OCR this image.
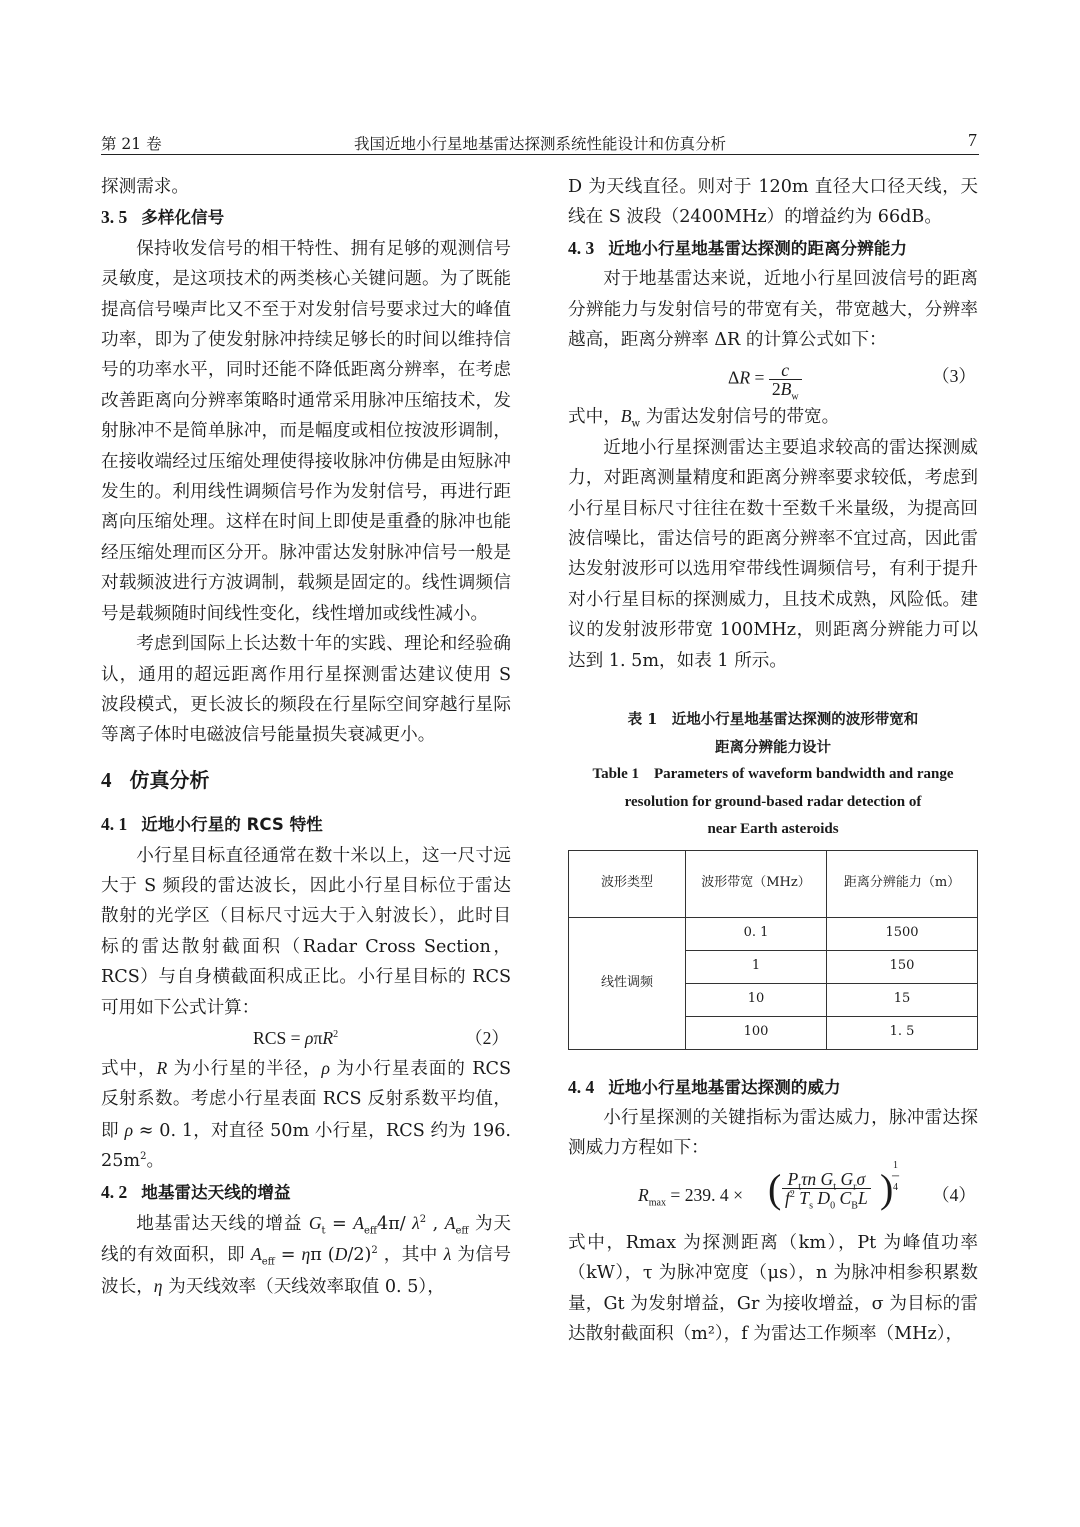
第 21 卷	我国近地小行星地基雷达探测系统性能设计和仿真分析	7

探测需求。

3. 5 多样化信号

保持收发信号的相干特性、拥有足够的观测信号灵敏度，是这项技术的两类核心关键问题。为了既能提高信号噪声比又不至于对发射信号要求过大的峰值功率，即为了使发射脉冲持续足够长的时间以维持信号的功率水平，同时还能不降低距离分辨率，在考虑改善距离向分辨率策略时通常采用脉冲压缩技术，发射脉冲不是简单脉冲，而是幅度或相位按波形调制，在接收端经过压缩处理使得接收脉冲仿佛是由短脉冲发生的。利用线性调频信号作为发射信号，再进行距离向压缩处理。这样在时间上即使是重叠的脉冲也能经压缩处理而区分开。脉冲雷达发射脉冲信号一般是对载频波进行方波调制，载频是固定的。线性调频信号是载频随时间线性变化，线性增加或线性减小。

考虑到国际上长达数十年的实践、理论和经验确认，通用的超远距离作用行星探测雷达建议使用 S 波段模式，更长波长的频段在行星际空间穿越行星际等离子体时电磁波信号能量损失衰减更小。

4 仿真分析

4. 1 近地小行星的 RCS 特性

小行星目标直径通常在数十米以上，这一尺寸远大于 S 频段的雷达波长，因此小行星目标位于雷达散射的光学区（目标尺寸远大于入射波长），此时目标的雷达散射截面积（Radar Cross Section，RCS）与自身横截面积成正比。小行星目标的 RCS 可用如下公式计算：

RCS = ρπR$^2$	（2）

式中，R 为小行星的半径，ρ 为小行星表面的 RCS 反射系数。考虑小行星表面 RCS 反射系数平均值，即 ρ ≈ 0. 1，对直径 50m 小行星，RCS 约为 196. $25m^2$。

4. 2 地基雷达天线的增益

地基雷达天线的增益 $G_t = A_{eff}4\pi/$ $\lambda^2$ , $A_{eff}$ 为天线的有效面积，即 $A_{eff} = \eta\pi$ $(D/2)^2$ ，其中 λ 为信号波长，η 为天线效率（天线效率取值 0. 5），

D 为天线直径。则对于 120m 直径大口径天线，天线在 S 波段（2400MHz）的增益约为 66dB。

4. 3 近地小行星地基雷达探测的距离分辨能力

对于地基雷达来说，近地小行星回波信号的距离分辨能力与发射信号的带宽有关，带宽越大，分辨率越高，距离分辨率 ΔR 的计算公式如下：

$\Delta R = \frac{c}{2B_w}$	（3）

式中，$B_w$ 为雷达发射信号的带宽。

近地小行星探测雷达主要追求较高的雷达探测威力，对距离测量精度和距离分辨率要求较低，考虑到小行星目标尺寸往往在数十至数千米量级，为提高回波信噪比，雷达信号的距离分辨率不宜过高，因此雷达发射波形可以选用窄带线性调频信号，有利于提升对小行星目标的探测威力，且技术成熟，风险低。建议的发射波形带宽 100MHz，则距离分辨能力可以达到 1. 5m，如表 1 所示。

表 1　近地小行星地基雷达探测的波形带宽和

距离分辨能力设计

Table 1　Parameters of waveform bandwidth and range

resolution for ground-based radar detection of

near Earth asteroids

波形类型	波形带宽（MHz）	距离分辨能力（m）
线性调频	0. 1	1500
	1	150
	10	15
	100	1. 5

4. 4 近地小行星地基雷达探测的威力

小行星探测的关键指标为雷达威力，脉冲雷达探测威力方程如下：

$R_{max} = 239$. 4 × ( $P_t\tau n$ $G_t$ $G_r\sigma$
$f^2$ $T_s$ $D_0$ $C_BL$ )
1
─
4 （4）

式中，Rmax 为探测距离（km），Pt 为峰值功率（kW），τ 为脉冲宽度（μs），n 为脉冲相参积累数量，Gt 为发射增益，Gr 为接收增益，σ 为目标的雷达散射截面积（m²），f 为雷达工作频率（MHz），
